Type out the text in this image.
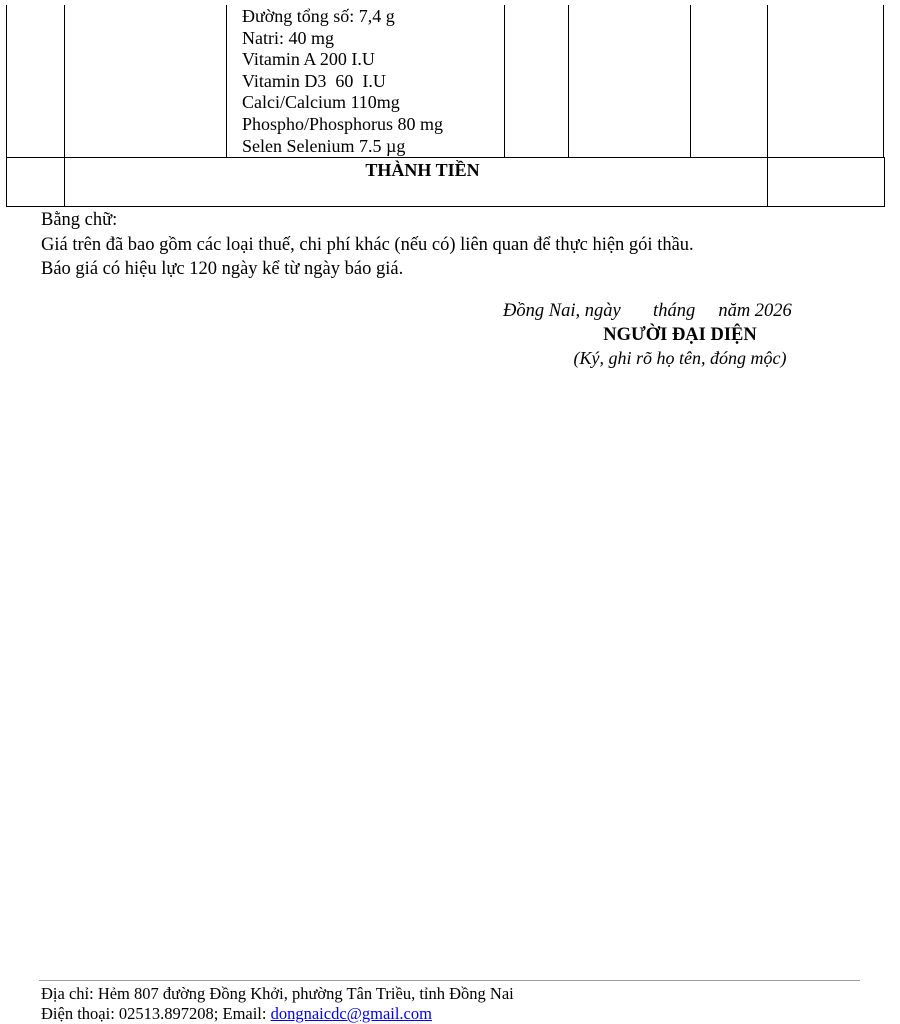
Đường tổng số: 7,4 g
Natri: 40 mg
Vitamin A 200 I.U
Vitamin D3  60  I.U
Calci/Calcium 110mg
Phospho/Phosphorus 80 mg
Selen Selenium 7.5 µg
THÀNH TIỀN
Bằng chữ:
Giá trên đã bao gồm các loại thuế, chi phí khác (nếu có) liên quan để thực hiện gói thầu.
Báo giá có hiệu lực 120 ngày kể từ ngày báo giá.
Đồng Nai, ngày       tháng     năm 2026
NGƯỜI ĐẠI DIỆN
(Ký, ghi rõ họ tên, đóng mộc)
Địa chỉ: Hẻm 807 đường Đồng Khởi, phường Tân Triều, tỉnh Đồng Nai
Điện thoại: 02513.897208; Email: dongnaicdc@gmail.com
